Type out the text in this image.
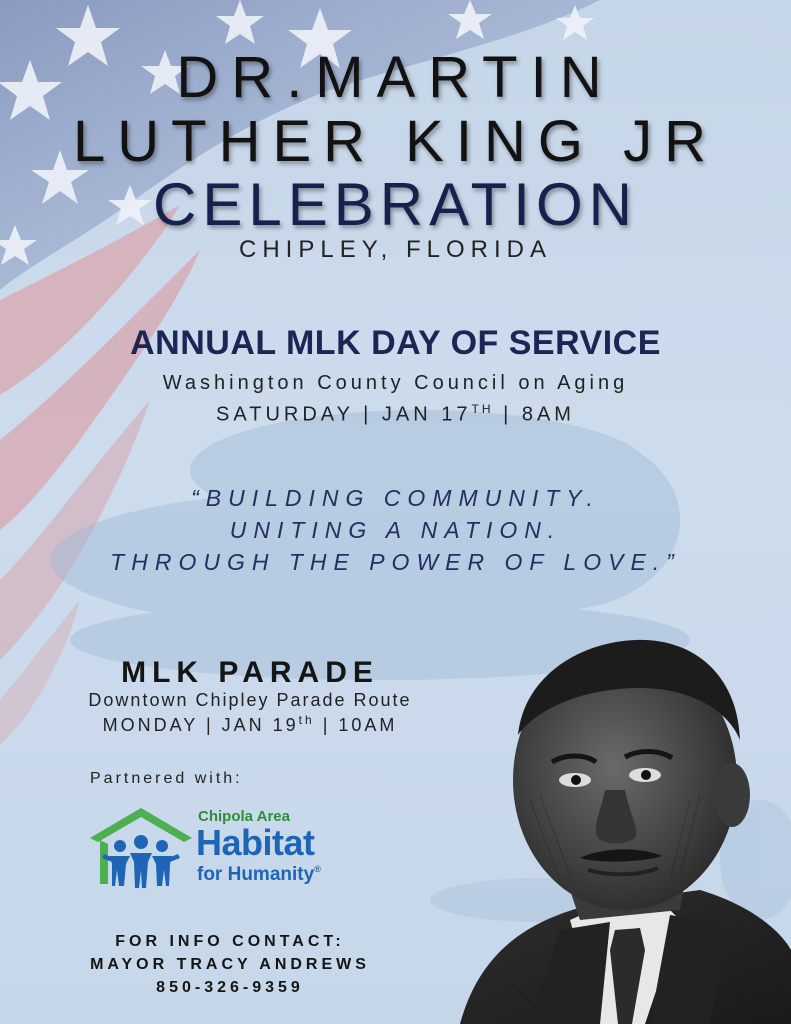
DR.MARTIN

LUTHER KING JR

CELEBRATION

CHIPLEY, FLORIDA

ANNUAL MLK DAY OF SERVICE

Washington County Council on Aging

SATURDAY | JAN 17TH | 8AM

“BUILDING COMMUNITY.

UNITING A NATION.

THROUGH THE POWER OF LOVE.”

MLK PARADE

Downtown Chipley Parade Route

MONDAY | JAN 19th | 10AM

Partnered with:

Chipola Area

Habitat

for Humanity®

FOR INFO CONTACT:

MAYOR TRACY ANDREWS

850-326-9359
